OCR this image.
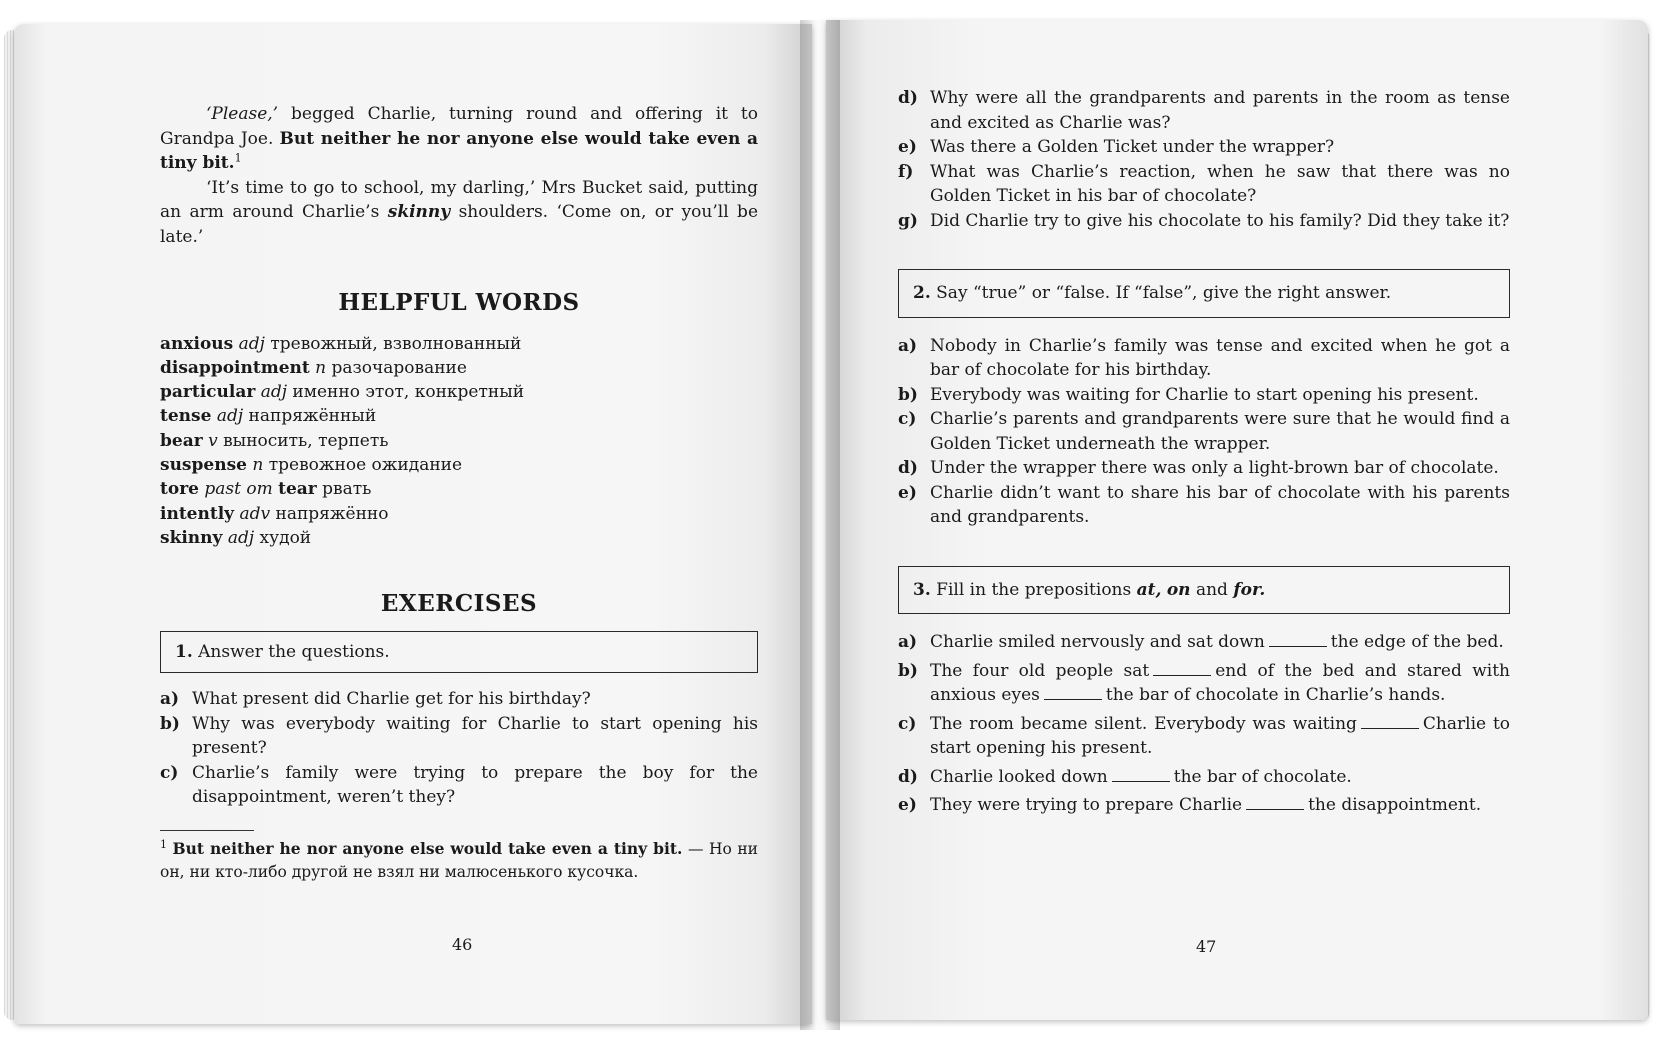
‘Please,’ begged Charlie, turning round and offering it to Grandpa Joe. But neither he nor anyone else would take even a tiny bit.$^1$

‘It’s time to go to school, my darling,’ Mrs Bucket said, putting an arm around Charlie’s skinny shoulders. ‘Come on, or you’ll be late.’

HELPFUL WORDS
anxious adj тревожный, взволнованный
disappointment n разочарование
particular adj именно этот, конкретный
tense adj напряжённый
bear v выносить, терпеть
suspense n тревожное ожидание
tore past от tear рвать
intently adv напряжённо
skinny adj худой
EXERCISES
1. Answer the questions.
a) What present did Charlie get for his birthday?
b) Why was everybody waiting for Charlie to start opening his present?
c) Charlie’s family were trying to prepare the boy for the disappointment, weren’t they?
$^1$ But neither he nor anyone else would take even a tiny bit. — Но ни он, ни кто-либо другой не взял ни малюсенького кусочка.
46
d) Why were all the grandparents and parents in the room as tense and excited as Charlie was?
e) Was there a Golden Ticket under the wrapper?
f) What was Charlie’s reaction, when he saw that there was no Golden Ticket in his bar of chocolate?
g) Did Charlie try to give his chocolate to his family? Did they take it?
2. Say “true” or “false. If “false”, give the right answer.
a) Nobody in Charlie’s family was tense and excited when he got a bar of chocolate for his birthday.
b) Everybody was waiting for Charlie to start opening his present.
c) Charlie’s parents and grandparents were sure that he would find a Golden Ticket underneath the wrapper.
d) Under the wrapper there was only a light-brown bar of chocolate.
e) Charlie didn’t want to share his bar of chocolate with his parents and grandparents.
3. Fill in the prepositions at, on and for.
a) Charlie smiled nervously and sat down	the edge of the bed.
b) The four old people sat	end of the bed and stared with anxious eyes	the bar of chocolate in Charlie’s hands.
c) The room became silent. Everybody was waiting	Charlie to start opening his present.
d) Charlie looked down	the bar of chocolate.
e) They were trying to prepare Charlie	the disappointment.
47
